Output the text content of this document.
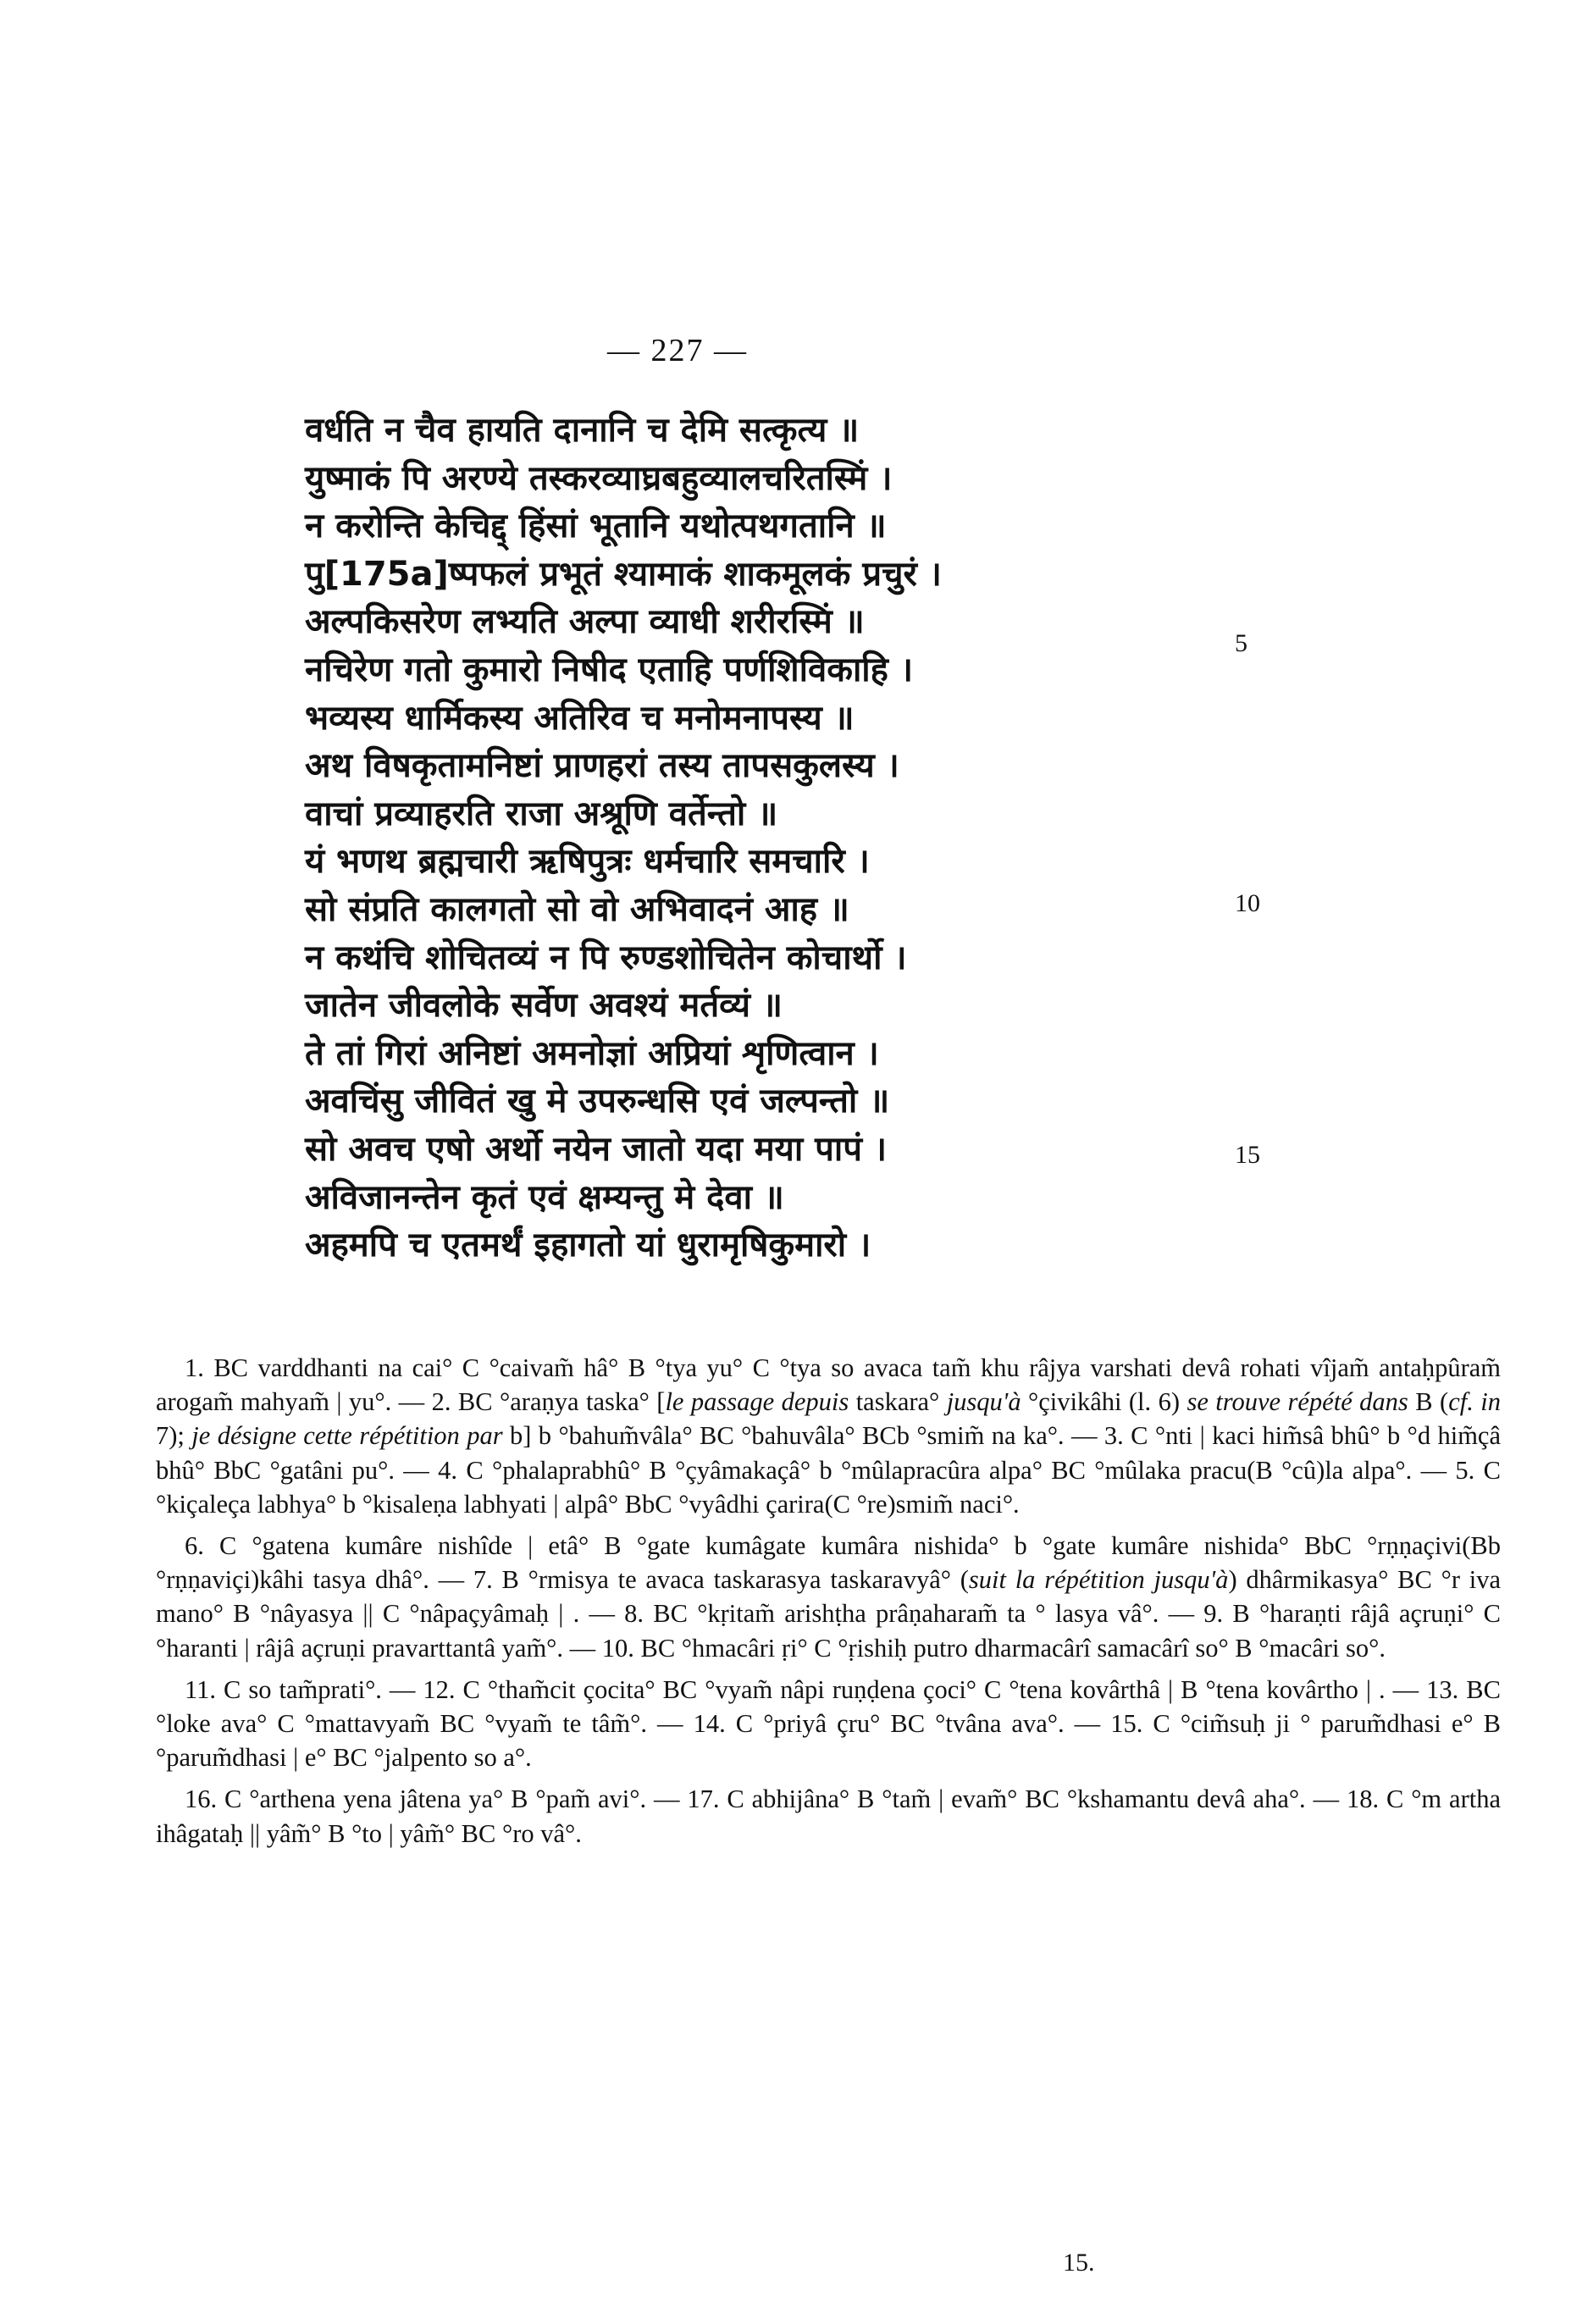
— 227 —
वर्धति न चैव हायति दानानि च देमि सत्कृत्य ॥
युष्माकं पि अरण्ये तस्करव्याघ्रबहुव्यालचरितस्मिं ।
न करोन्ति केचिद्द् हिंसां भूतानि यथोत्पथगतानि ॥
पु[175a]ष्पफलं प्रभूतं श्यामाकं शाकमूलकं प्रचुरं ।
अल्पकिसरेण लभ्यति अल्पा व्याधी शरीरस्मिं ॥
नचिरेण गतो कुमारो निषीद एताहि पर्णशिविकाहि ।
भव्यस्य धार्मिकस्य अतिरिव च मनोमनापस्य ॥
अथ विषकृतामनिष्टां प्राणहरां तस्य तापसकुलस्य ।
वाचां प्रव्याहरति राजा अश्रूणि वर्तेन्तो ॥
यं भणथ ब्रह्मचारी ऋषिपुत्रः धर्मचारि समचारि ।
सो संप्रति कालगतो सो वो अभिवादनं आह ॥
न कथंचि शोचितव्यं न पि रुण्डशोचितेन कोचार्थो ।
जातेन जीवलोके सर्वेण अवश्यं मर्तव्यं ॥
ते तां गिरां अनिष्टां अमनोज्ञां अप्रियां शृणित्वान ।
अवचिंसु जीवितं खु मे उपरुन्धसि एवं जल्पन्तो ॥
सो अवच एषो अर्थो नयेन जातो यदा मया पापं ।
अविजानन्तेन कृतं एवं क्षम्यन्तु मे देवा ॥
अहमपि च एतमर्थं इहागतो यां धुरामृषिकुमारो ।
5
10
15

1. BC varddhanti na cai° C °caivam̃ hâ° B °tya yu° C °tya so avaca tam̃ khu râjya varshati devâ rohati vîjam̃ antaḥpûram̃ arogam̃ mahyam̃ | yu°. — 2. BC °araṇya taska° [le passage depuis taskara° jusqu'à °çivikâhi (l. 6) se trouve répété dans B (cf. in 7); je désigne cette répétition par b] b °bahum̃vâla° BC °bahuvâla° BCb °smim̃ na ka°. — 3. C °nti | kaci him̃sâ bhû° b °d him̃çâ bhû° BbC °gatâni pu°. — 4. C °phalaprabhû° B °çyâmakaçâ° b °mûlapracûra alpa° BC °mûlaka pracu(B °cû)la alpa°. — 5. C °kiçaleça labhya° b °kisaleṇa labhyati | alpâ° BbC °vyâdhi çarira(C °re)smim̃ naci°.

6. C °gatena kumâre nishîde | etâ° B °gate kumâgate kumâra nishida° b °gate kumâre nishida° BbC °rṇṇaçivi(Bb °rṇṇaviçi)kâhi tasya dhâ°. — 7. B °rmisya te avaca taskarasya taskaravyâ° (suit la répétition jusqu'à) dhârmikasya° BC °r iva mano° B °nâyasya || C °nâpaçyâmaḥ | . — 8. BC °kṛitam̃ arishṭha prâṇaharam̃ ta ° lasya vâ°. — 9. B °haraṇti râjâ açruṇi° C °haranti | râjâ açruṇi pravarttantâ yam̃°. — 10. BC °hmacâri ṛi° C °ṛishiḥ putro dharmacârî samacârî so° B °macâri so°.

11. C so tam̃prati°. — 12. C °tham̃cit çocita° BC °vyam̃ nâpi ruṇḍena çoci° C °tena kovârthâ | B °tena kovârtho | . — 13. BC °loke ava° C °mattavyam̃ BC °vyam̃ te tâm̃°. — 14. C °priyâ çru° BC °tvâna ava°. — 15. C °cim̃suḥ ji ° parum̃dhasi e° B °parum̃dhasi | e° BC °jalpento so a°.

16. C °arthena yena jâtena ya° B °pam̃ avi°. — 17. C abhijâna° B °tam̃ | evam̃° BC °kshamantu devâ aha°. — 18. C °m artha ihâgataḥ || yâm̃° B °to | yâm̃° BC °ro vâ°.

15.
